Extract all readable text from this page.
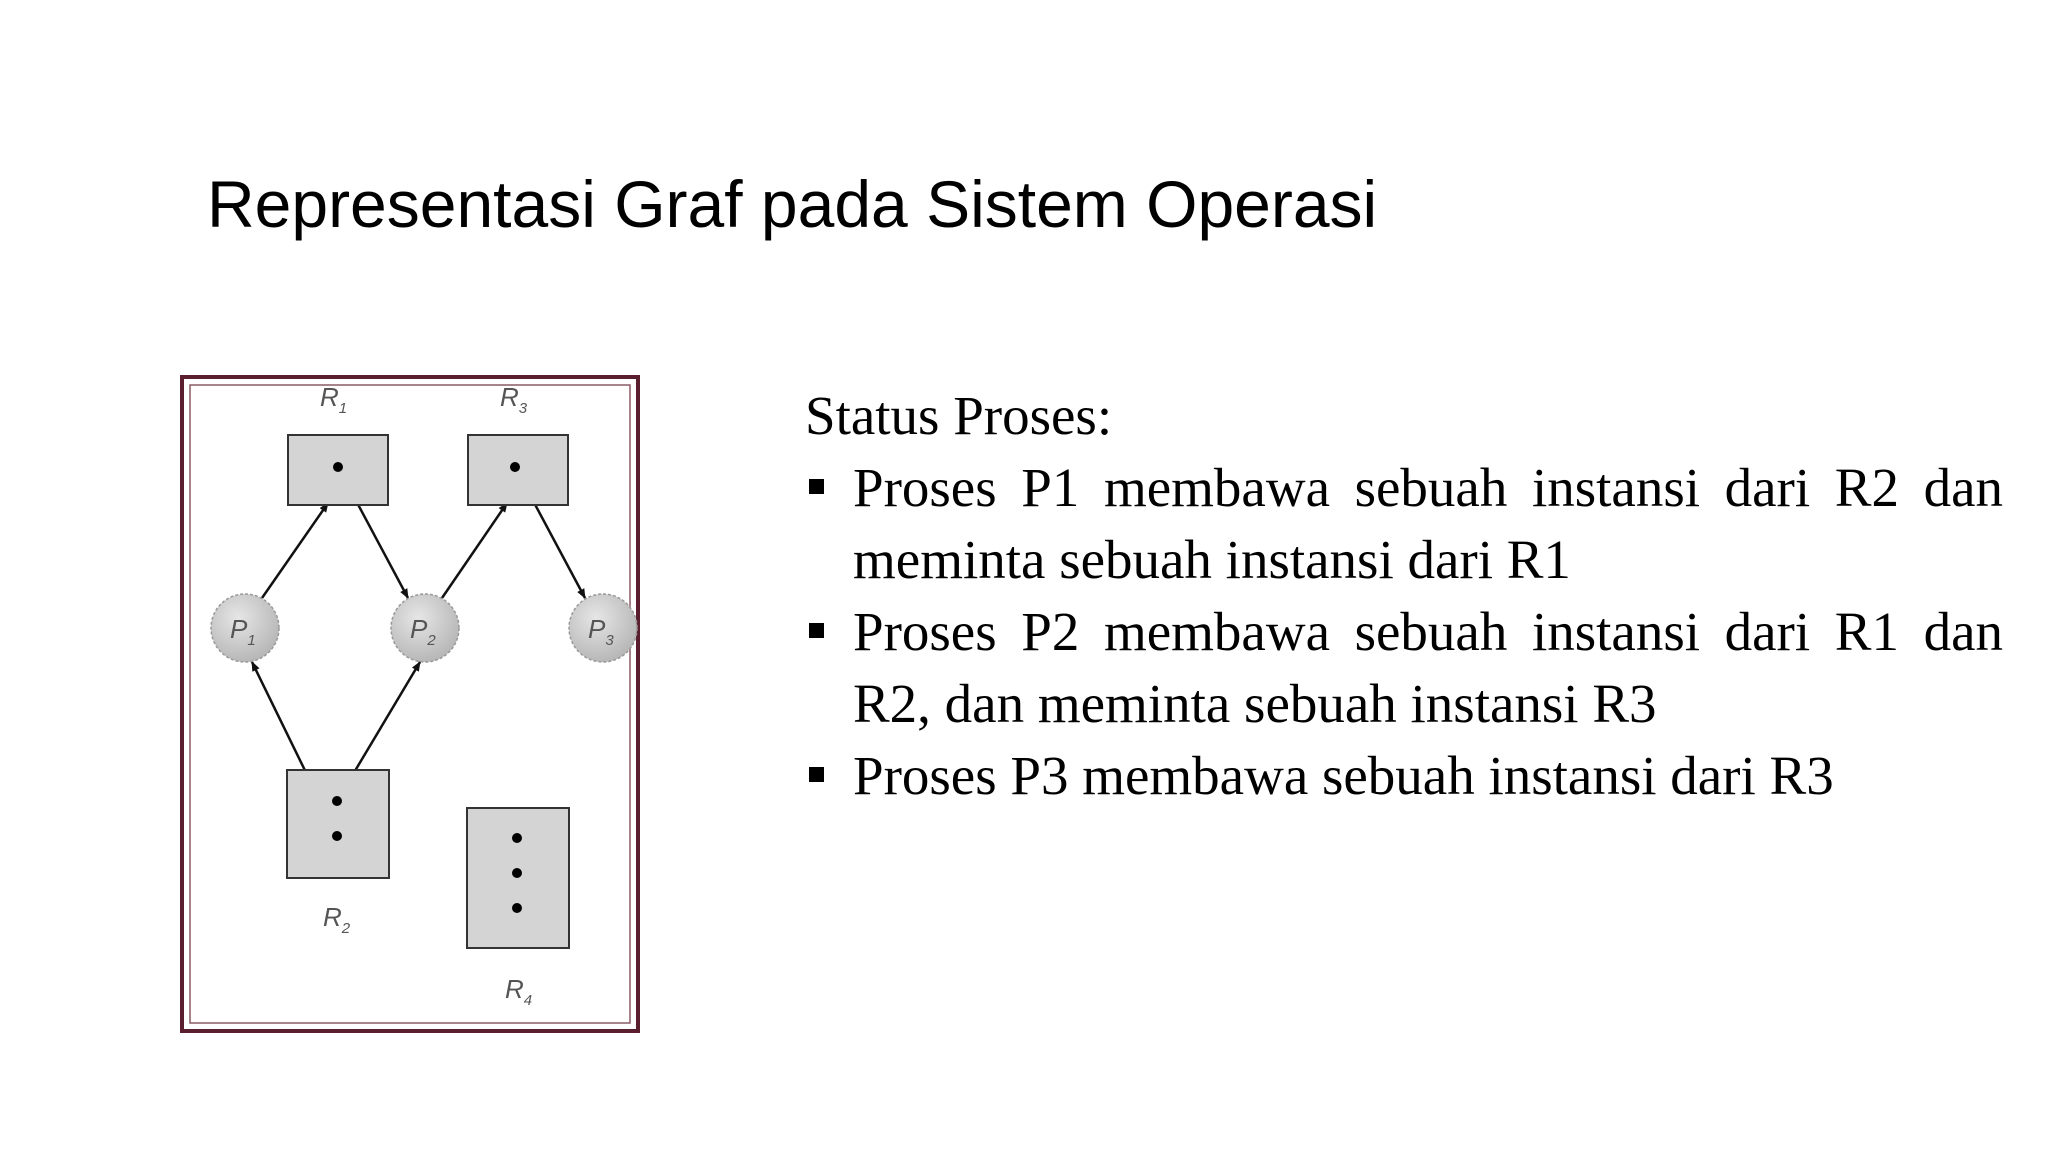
Representasi Graf pada Sistem Operasi
$R_1$	$R_3$
$R_2$
$R_4$
$P_1$	$P_2$	$P_3$

Status Proses:

Proses P1 membawa sebuah instansi dari R2 dan meminta sebuah instansi dari R1
Proses P2 membawa sebuah instansi dari R1 dan R2, dan meminta sebuah instansi R3
Proses P3 membawa sebuah instansi dari R3
